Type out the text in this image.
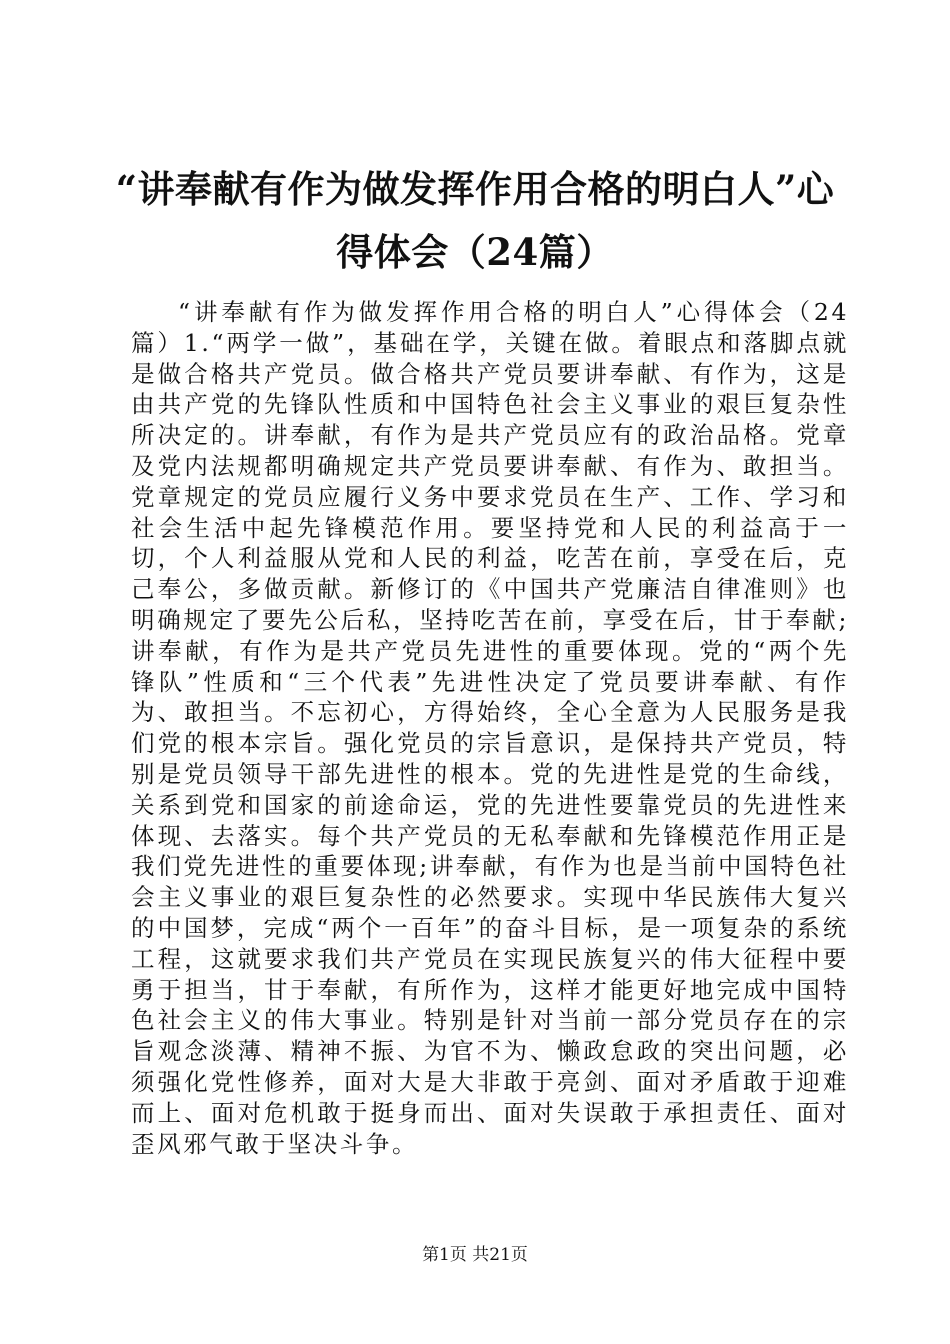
“讲奉献有作为做发挥作用合格的明白人”心得体会（24篇）

“讲奉献有作为做发挥作用合格的明白人”心得体会（24篇）1.“两学一做”，基础在学，关键在做。着眼点和落脚点就是做合格共产党员。做合格共产党员要讲奉献、有作为，这是由共产党的先锋队性质和中国特色社会主义事业的艰巨复杂性所决定的。讲奉献，有作为是共产党员应有的政治品格。党章及党内法规都明确规定共产党员要讲奉献、有作为、敢担当。党章规定的党员应履行义务中要求党员在生产、工作、学习和社会生活中起先锋模范作用。要坚持党和人民的利益高于一切，个人利益服从党和人民的利益，吃苦在前，享受在后，克己奉公，多做贡献。新修订的《中国共产党廉洁自律准则》也明确规定了要先公后私，坚持吃苦在前，享受在后，甘于奉献;讲奉献，有作为是共产党员先进性的重要体现。党的“两个先锋队”性质和“三个代表”先进性决定了党员要讲奉献、有作为、敢担当。不忘初心，方得始终，全心全意为人民服务是我们党的根本宗旨。强化党员的宗旨意识，是保持共产党员，特别是党员领导干部先进性的根本。党的先进性是党的生命线，关系到党和国家的前途命运，党的先进性要靠党员的先进性来体现、去落实。每个共产党员的无私奉献和先锋模范作用正是我们党先进性的重要体现;讲奉献，有作为也是当前中国特色社会主义事业的艰巨复杂性的必然要求。实现中华民族伟大复兴的中国梦，完成“两个一百年”的奋斗目标，是一项复杂的系统工程，这就要求我们共产党员在实现民族复兴的伟大征程中要勇于担当，甘于奉献，有所作为，这样才能更好地完成中国特色社会主义的伟大事业。特别是针对当前一部分党员存在的宗旨观念淡薄、精神不振、为官不为、懒政怠政的突出问题，必须强化党性修养，面对大是大非敢于亮剑、面对矛盾敢于迎难而上、面对危机敢于挺身而出、面对失误敢于承担责任、面对歪风邪气敢于坚决斗争。

第1页 共21页
